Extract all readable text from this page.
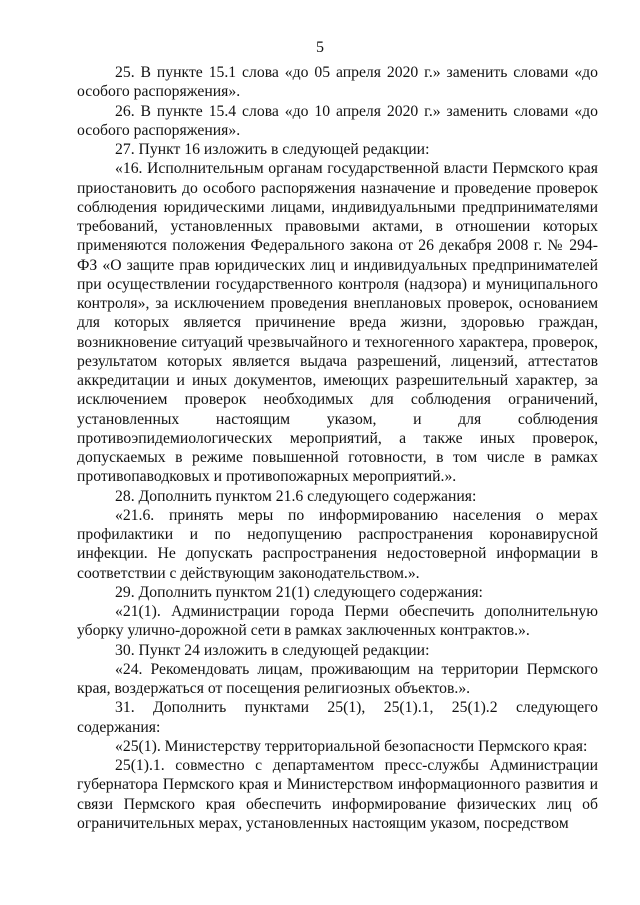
5

25. В пункте 15.1 слова «до 05 апреля 2020 г.» заменить словами «до особого распоряжения».

26. В пункте 15.4 слова «до 10 апреля 2020 г.» заменить словами «до особого распоряжения».

27. Пункт 16 изложить в следующей редакции:

«16. Исполнительным органам государственной власти Пермского края приостановить до особого распоряжения назначение и проведение проверок соблюдения юридическими лицами, индивидуальными предпринимателями требований, установленных правовыми актами, в отношении которых применяются положения Федерального закона от 26 декабря 2008 г. № 294-ФЗ «О защите прав юридических лиц и индивидуальных предпринимателей при осуществлении государственного контроля (надзора) и муниципального контроля», за исключением проведения внеплановых проверок, основанием для которых является причинение вреда жизни, здоровью граждан, возникновение ситуаций чрезвычайного и техногенного характера, проверок, результатом которых является выдача разрешений, лицензий, аттестатов аккредитации и иных документов, имеющих разрешительный характер, за исключением проверок необходимых для соблюдения ограничений, установленных настоящим указом, и для соблюдения противоэпидемиологических мероприятий, а также иных проверок, допускаемых в режиме повышенной готовности, в том числе в рамках противопаводковых и противопожарных мероприятий.».

28. Дополнить пунктом 21.6 следующего содержания:

«21.6. принять меры по информированию населения о мерах профилактики и по недопущению распространения коронавирусной инфекции. Не допускать распространения недостоверной информации в соответствии с действующим законодательством.».

29. Дополнить пунктом 21(1) следующего содержания:

«21(1). Администрации города Перми обеспечить дополнительную уборку улично-дорожной сети в рамках заключенных контрактов.».

30. Пункт 24 изложить в следующей редакции:

«24. Рекомендовать лицам, проживающим на территории Пермского края, воздержаться от посещения религиозных объектов.».

31. Дополнить пунктами 25(1), 25(1).1, 25(1).2 следующего содержания:

«25(1). Министерству территориальной безопасности Пермского края:

25(1).1. совместно с департаментом пресс-службы Администрации губернатора Пермского края и Министерством информационного развития и связи Пермского края обеспечить информирование физических лиц об ограничительных мерах, установленных настоящим указом, посредством
